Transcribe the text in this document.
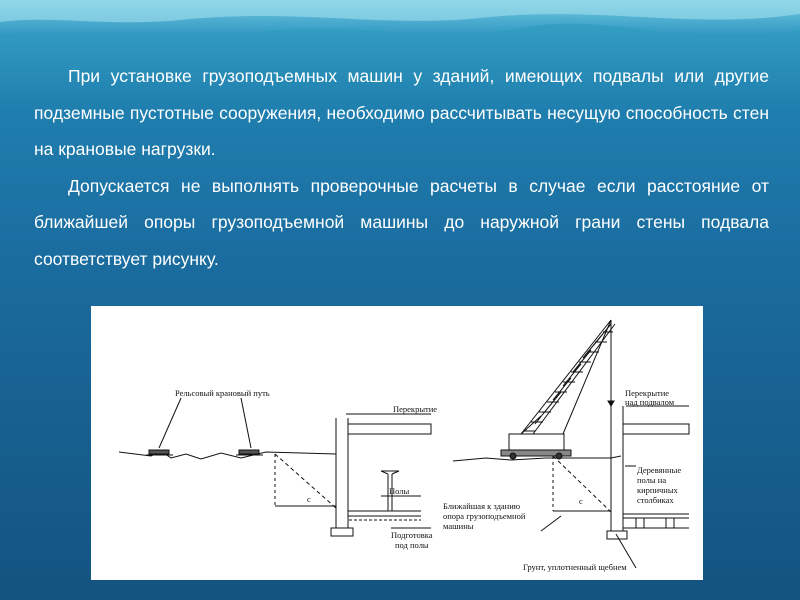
При установке грузоподъемных машин у зданий, имеющих подвалы или другие подземные пустотные сооружения, необходимо рассчитывать несущую способность стен на крановые нагрузки.

Допускается не выполнять проверочные расчеты в случае если расстояние от ближайшей опоры грузоподъемной машины до наружной грани стены подвала соответствует рисунку.

Рельсовый крановый путь
Перекрытие
Полы
Подготовка
под полы
c
Перекрытие
над подвалом
Деревянные
полы на
кирпичных
столбиках
Ближайшая к зданию
опора грузоподъемной
машины
Грунт, уплотненный щебнем
c
